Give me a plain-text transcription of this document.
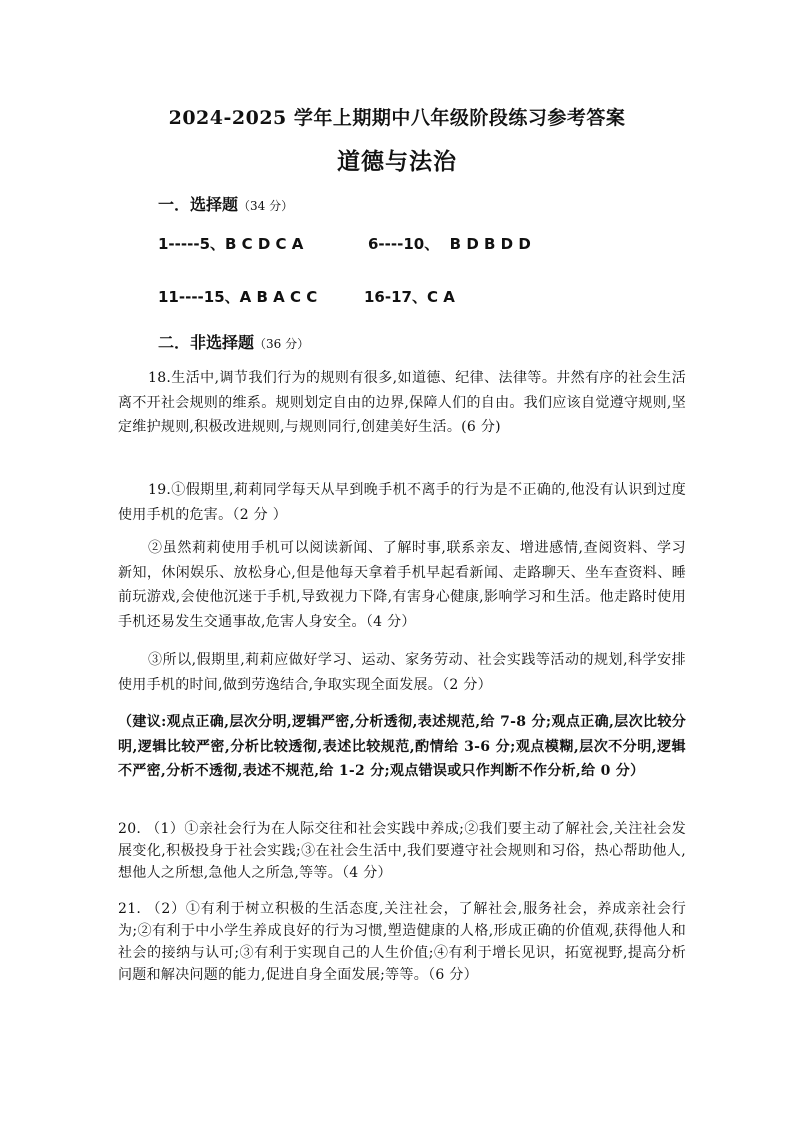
2024-2025 学年上期期中八年级阶段练习参考答案
道德与法治

一．选择题（34 分）

1-----5、B C D C A	6----10、  B D B D D

11----15、A B A C C	16-17、C A

二．非选择题（36 分）

18.生活中,调节我们行为的规则有很多,如道德、纪律、法律等。井然有序的社会生活离不开社会规则的维系。规则划定自由的边界,保障人们的自由。我们应该自觉遵守规则,坚定维护规则,积极改进规则,与规则同行,创建美好生活。(6 分)

19.①假期里,莉莉同学每天从早到晚手机不离手的行为是不正确的,他没有认识到过度使用手机的危害。（2 分 ）

②虽然莉莉使用手机可以阅读新闻、了解时事,联系亲友、增进感情,查阅资料、学习新知，休闲娱乐、放松身心,但是他每天拿着手机早起看新闻、走路聊天、坐车查资料、睡前玩游戏,会使他沉迷于手机,导致视力下降,有害身心健康,影响学习和生活。他走路时使用手机还易发生交通事故,危害人身安全。（4 分）

③所以,假期里,莉莉应做好学习、运动、家务劳动、社会实践等活动的规划,科学安排使用手机的时间,做到劳逸结合,争取实现全面发展。（2 分）

（建议:观点正确,层次分明,逻辑严密,分析透彻,表述规范,给 7-8 分;观点正确,层次比较分明,逻辑比较严密,分析比较透彻,表述比较规范,酌情给 3-6 分;观点模糊,层次不分明,逻辑不严密,分析不透彻,表述不规范,给 1-2 分;观点错误或只作判断不作分析,给 0 分）

20. （1）①亲社会行为在人际交往和社会实践中养成;②我们要主动了解社会,关注社会发展变化,积极投身于社会实践;③在社会生活中,我们要遵守社会规则和习俗，热心帮助他人,想他人之所想,急他人之所急,等等。（4 分）

21. （2）①有利于树立积极的生活态度,关注社会，了解社会,服务社会，养成亲社会行为;②有利于中小学生养成良好的行为习惯,塑造健康的人格,形成正确的价值观,获得他人和社会的接纳与认可;③有利于实现自己的人生价值;④有利于增长见识，拓宽视野,提高分析问题和解决问题的能力,促进自身全面发展;等等。（6 分）
